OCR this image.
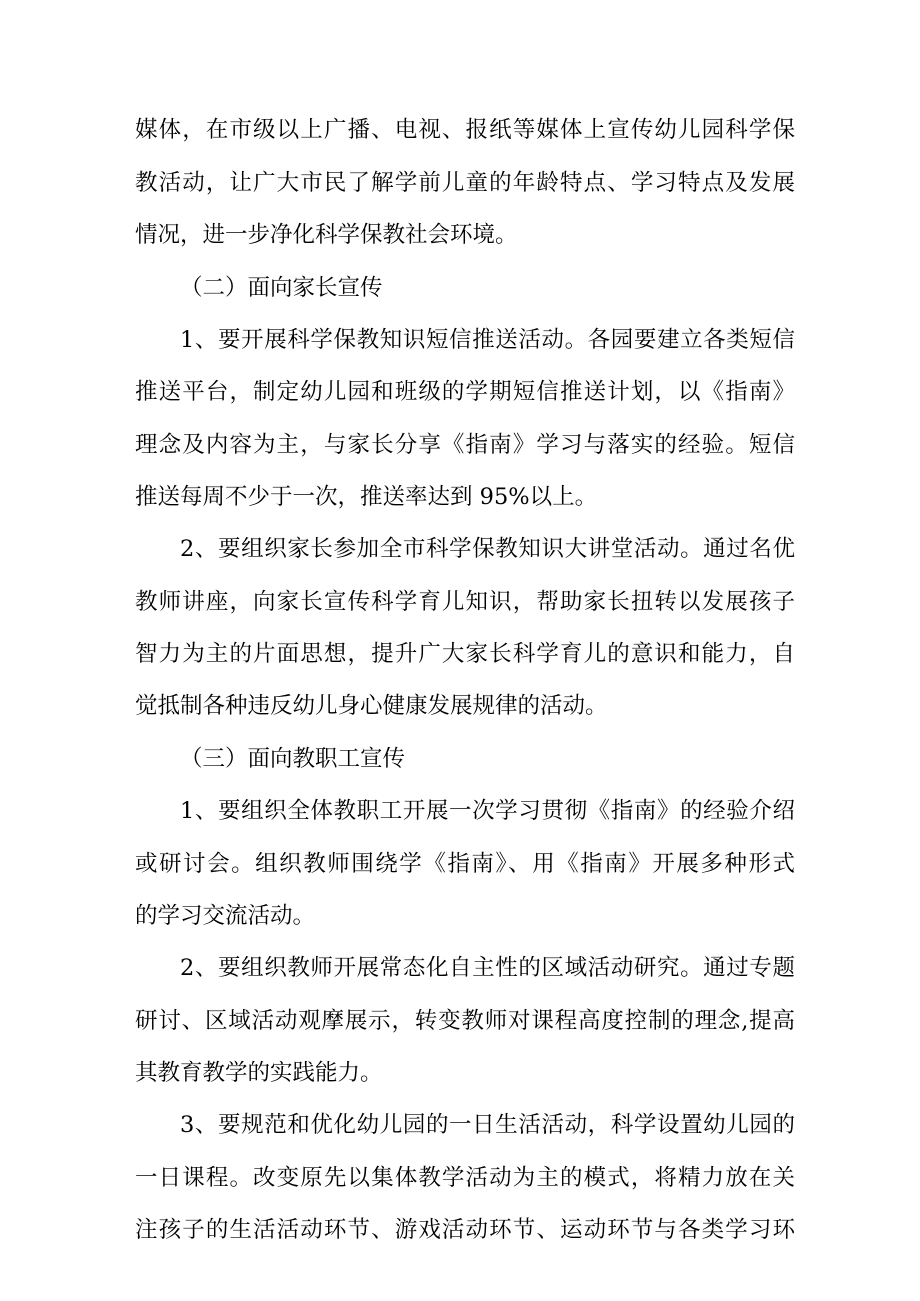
媒体，在市级以上广播、电视、报纸等媒体上宣传幼儿园科学保
教活动，让广大市民了解学前儿童的年龄特点、学习特点及发展
情况，进一步净化科学保教社会环境。
（二）面向家长宣传
1、要开展科学保教知识短信推送活动。各园要建立各类短信
推送平台，制定幼儿园和班级的学期短信推送计划，以《指南》
理念及内容为主，与家长分享《指南》学习与落实的经验。短信
推送每周不少于一次，推送率达到 95%以上。
2、要组织家长参加全市科学保教知识大讲堂活动。通过名优
教师讲座，向家长宣传科学育儿知识，帮助家长扭转以发展孩子
智力为主的片面思想，提升广大家长科学育儿的意识和能力，自
觉抵制各种违反幼儿身心健康发展规律的活动。
（三）面向教职工宣传
1、要组织全体教职工开展一次学习贯彻《指南》的经验介绍
或研讨会。组织教师围绕学《指南》、用《指南》开展多种形式
的学习交流活动。
2、要组织教师开展常态化自主性的区域活动研究。通过专题
研讨、区域活动观摩展示，转变教师对课程高度控制的理念,提高
其教育教学的实践能力。
3、要规范和优化幼儿园的一日生活活动，科学设置幼儿园的
一日课程。改变原先以集体教学活动为主的模式，将精力放在关
注孩子的生活活动环节、游戏活动环节、运动环节与各类学习环
